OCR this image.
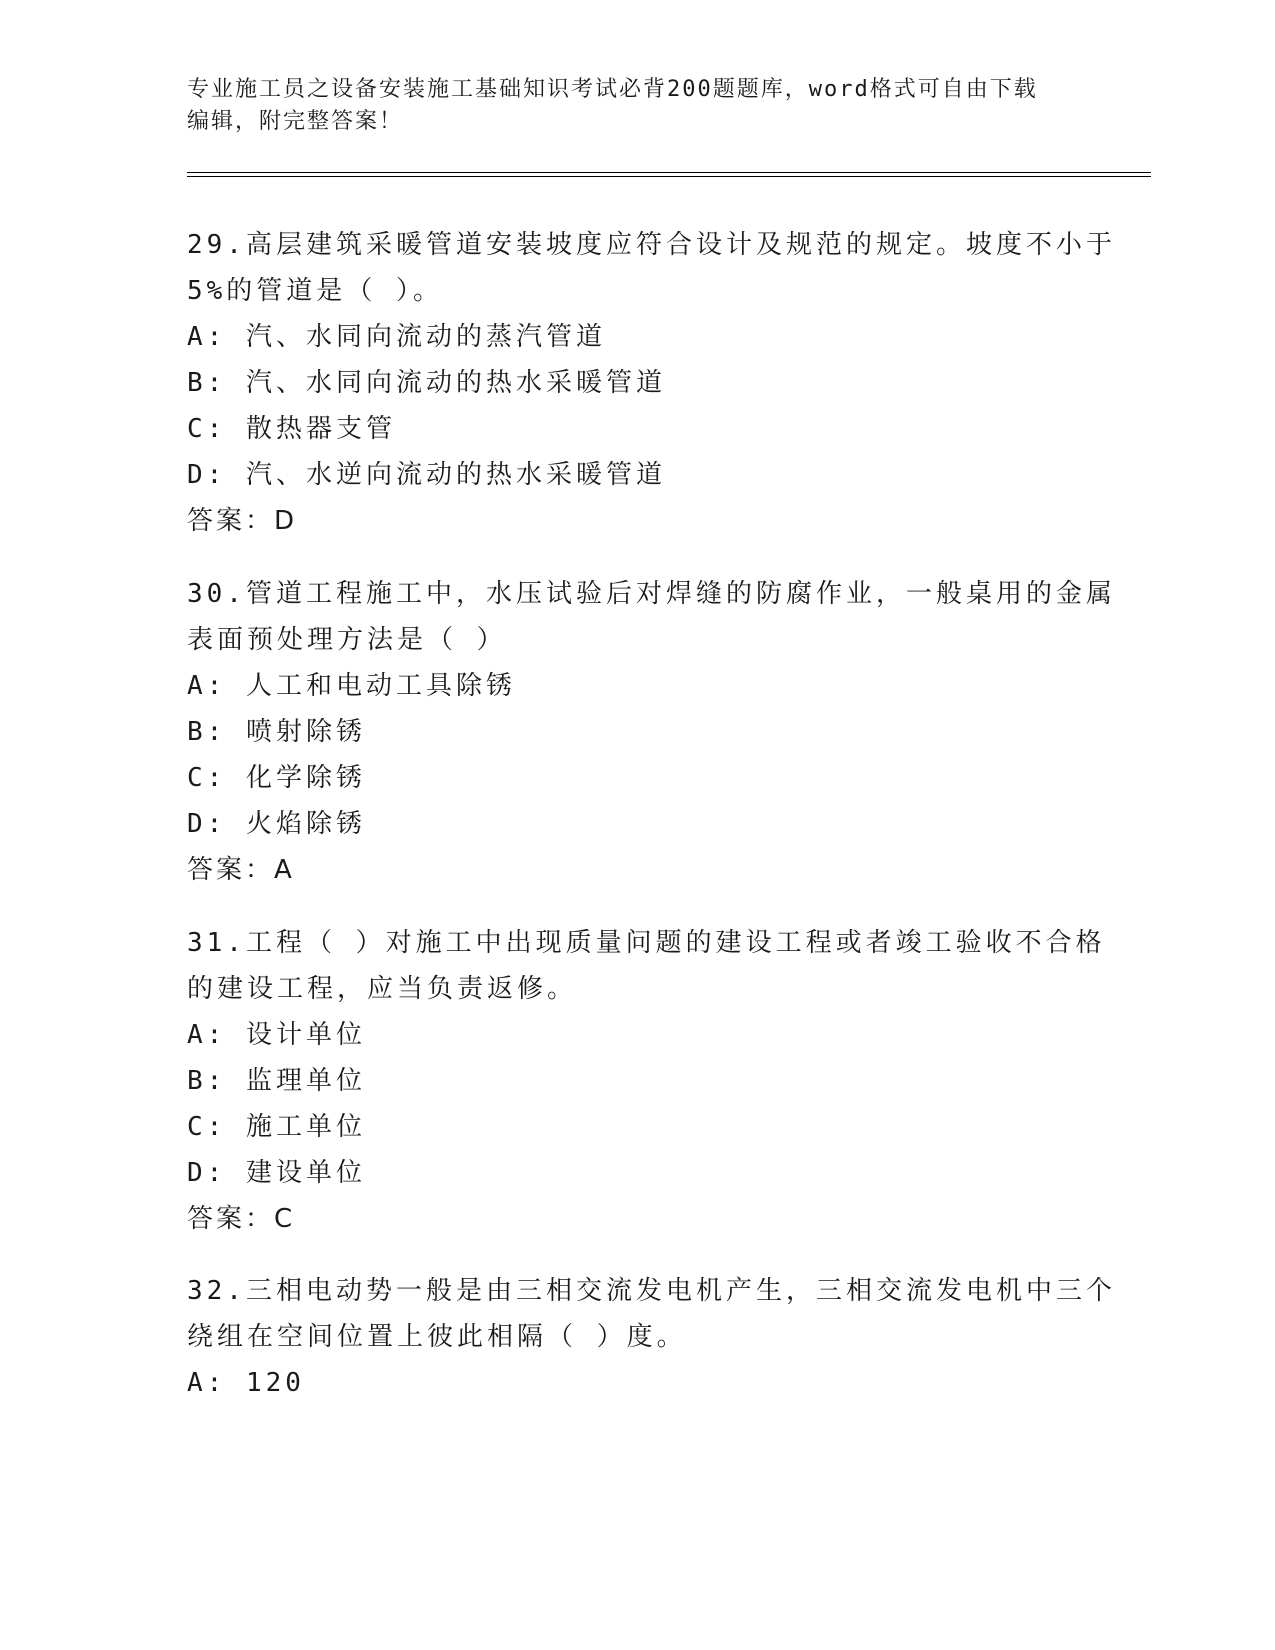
专业施工员之设备安装施工基础知识考试必背200题题库，word格式可自由下载
编辑，附完整答案！
29.高层建筑采暖管道安装坡度应符合设计及规范的规定。坡度不小于
5%的管道是（ ）。
A: 汽、水同向流动的蒸汽管道
B: 汽、水同向流动的热水采暖管道
C: 散热器支管
D: 汽、水逆向流动的热水采暖管道
答案：D
30.管道工程施工中，水压试验后对焊缝的防腐作业，一般桌用的金属
表面预处理方法是（ ）
A: 人工和电动工具除锈
B: 喷射除锈
C: 化学除锈
D: 火焰除锈
答案：A
31.工程（ ）对施工中出现质量问题的建设工程或者竣工验收不合格
的建设工程，应当负责返修。
A: 设计单位
B: 监理单位
C: 施工单位
D: 建设单位
答案：C
32.三相电动势一般是由三相交流发电机产生，三相交流发电机中三个
绕组在空间位置上彼此相隔（ ）度。
A: 120
